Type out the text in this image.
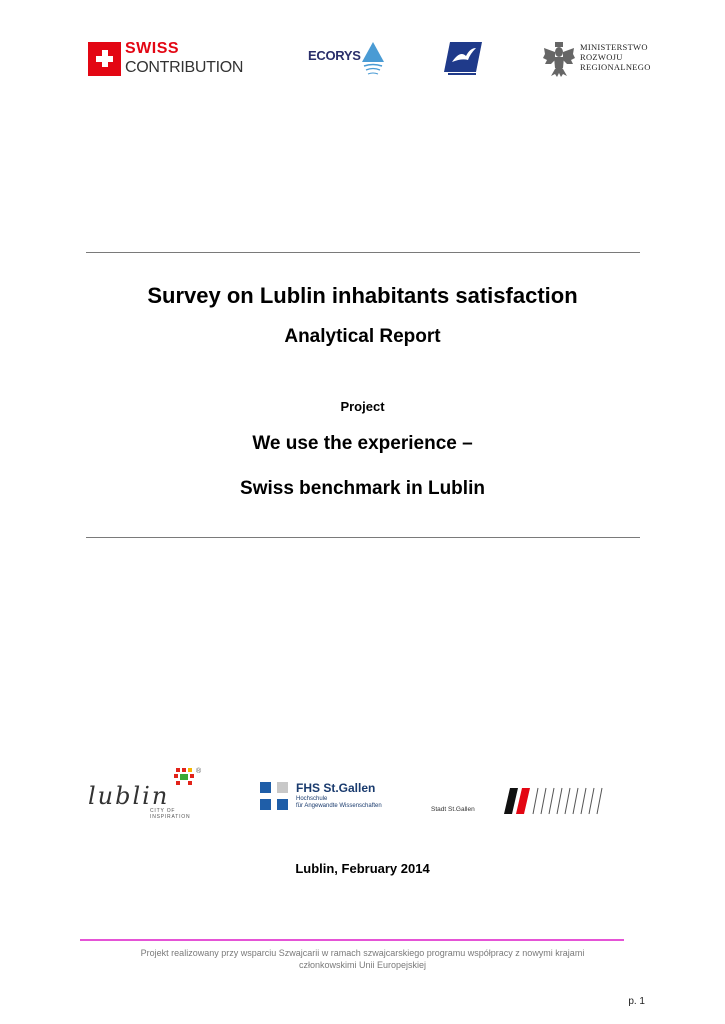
SWISS
CONTRIBUTION
ECORYS
MINISTERSTWO
ROZWOJU
REGIONALNEGO
Survey on Lublin inhabitants satisfaction
Analytical Report
Project
We use the experience –
Swiss benchmark in Lublin
®
lublin
CITY OF INSPIRATION
FHS St.Gallen
Hochschule
für Angewandte Wissenschaften	Stadt St.Gallen
Lublin, February 2014
Projekt realizowany przy wsparciu Szwajcarii w ramach szwajcarskiego programu współpracy z nowymi krajami
członkowskimi Unii Europejskiej
p. 1
